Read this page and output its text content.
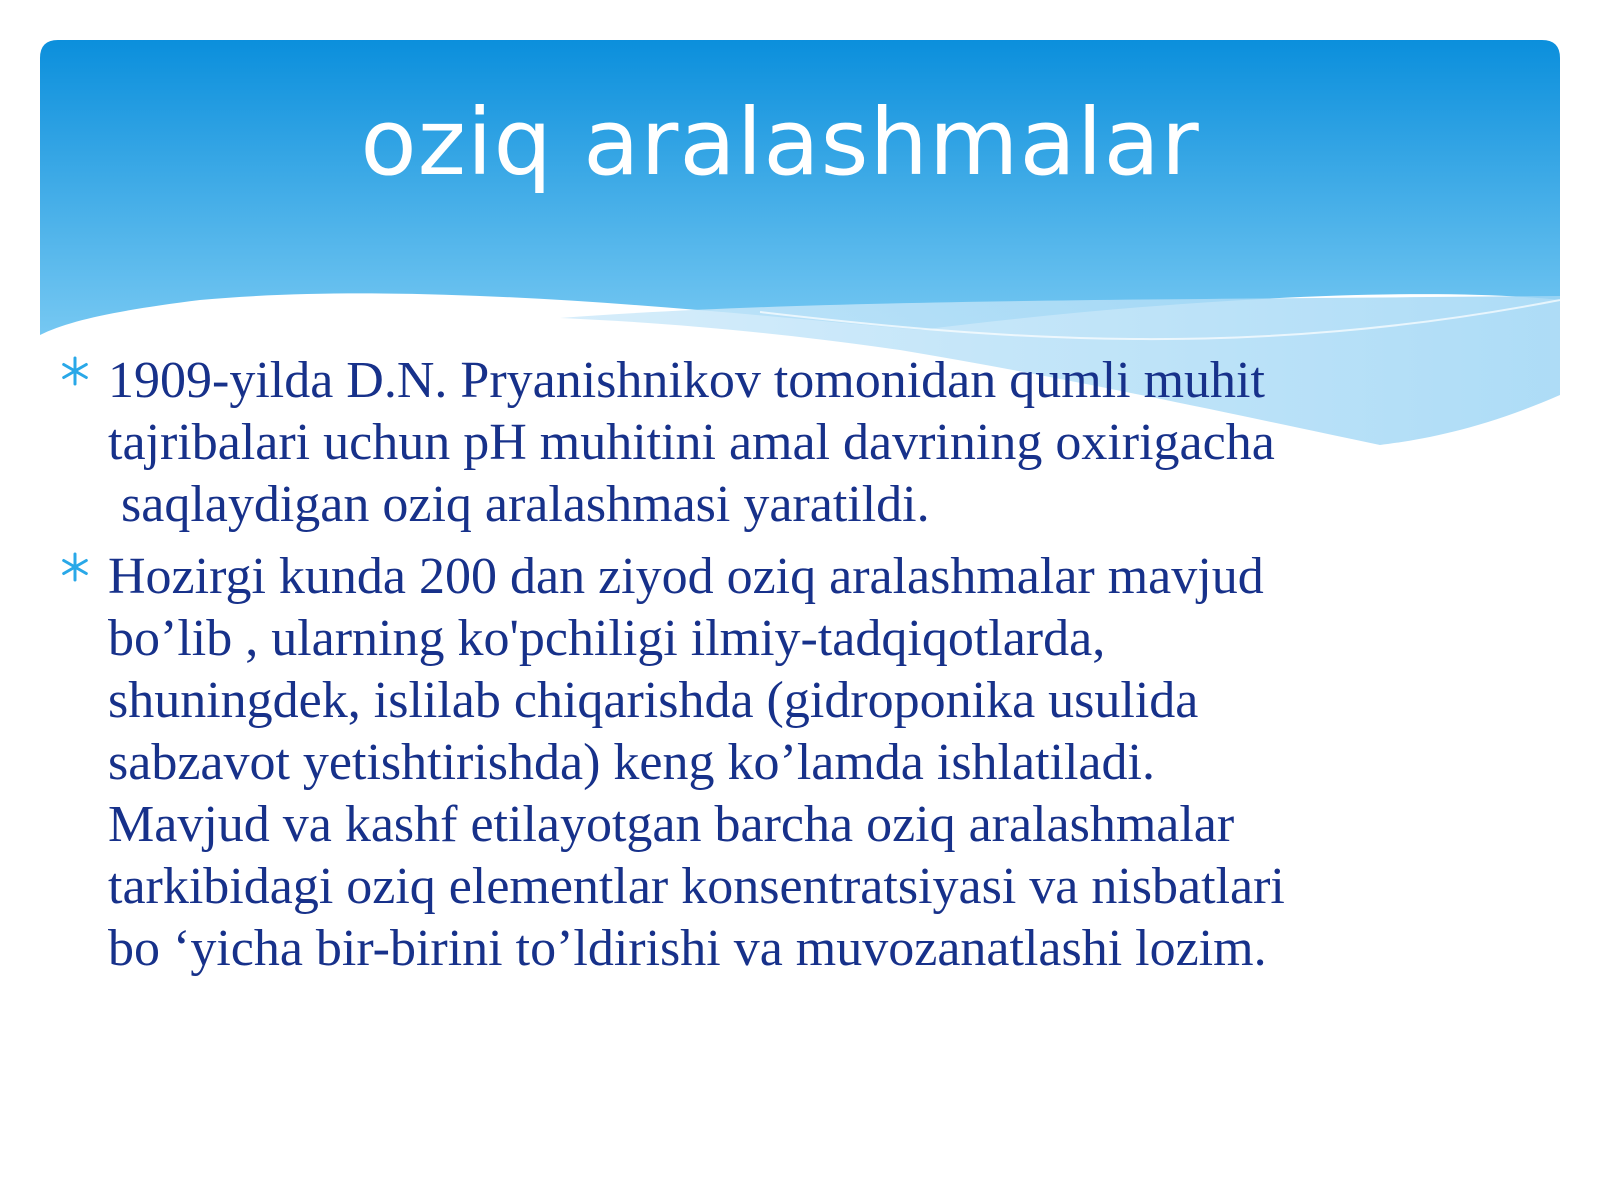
oziq aralashmalar
1909-yilda D.N. Pryanishnikov tomonidan qumli muhit
tajribalari uchun pH muhitini amal davrining oxirigacha
saqlaydigan oziq aralashmasi yaratildi.
Hozirgi kunda 200 dan ziyod oziq aralashmalar mavjud
bo’lib , ularning ko'pchiligi ilmiy-tadqiqotlarda,
shuningdek, islilab chiqarishda (gidroponika usulida
sabzavot yetishtirishda) keng ko’lamda ishlatiladi.
Mavjud va kashf etilayotgan barcha oziq aralashmalar
tarkibidagi oziq elementlar konsentratsiyasi va nisbatlari
bo ‘yicha bir-birini to’ldirishi va muvozanatlashi lozim.
